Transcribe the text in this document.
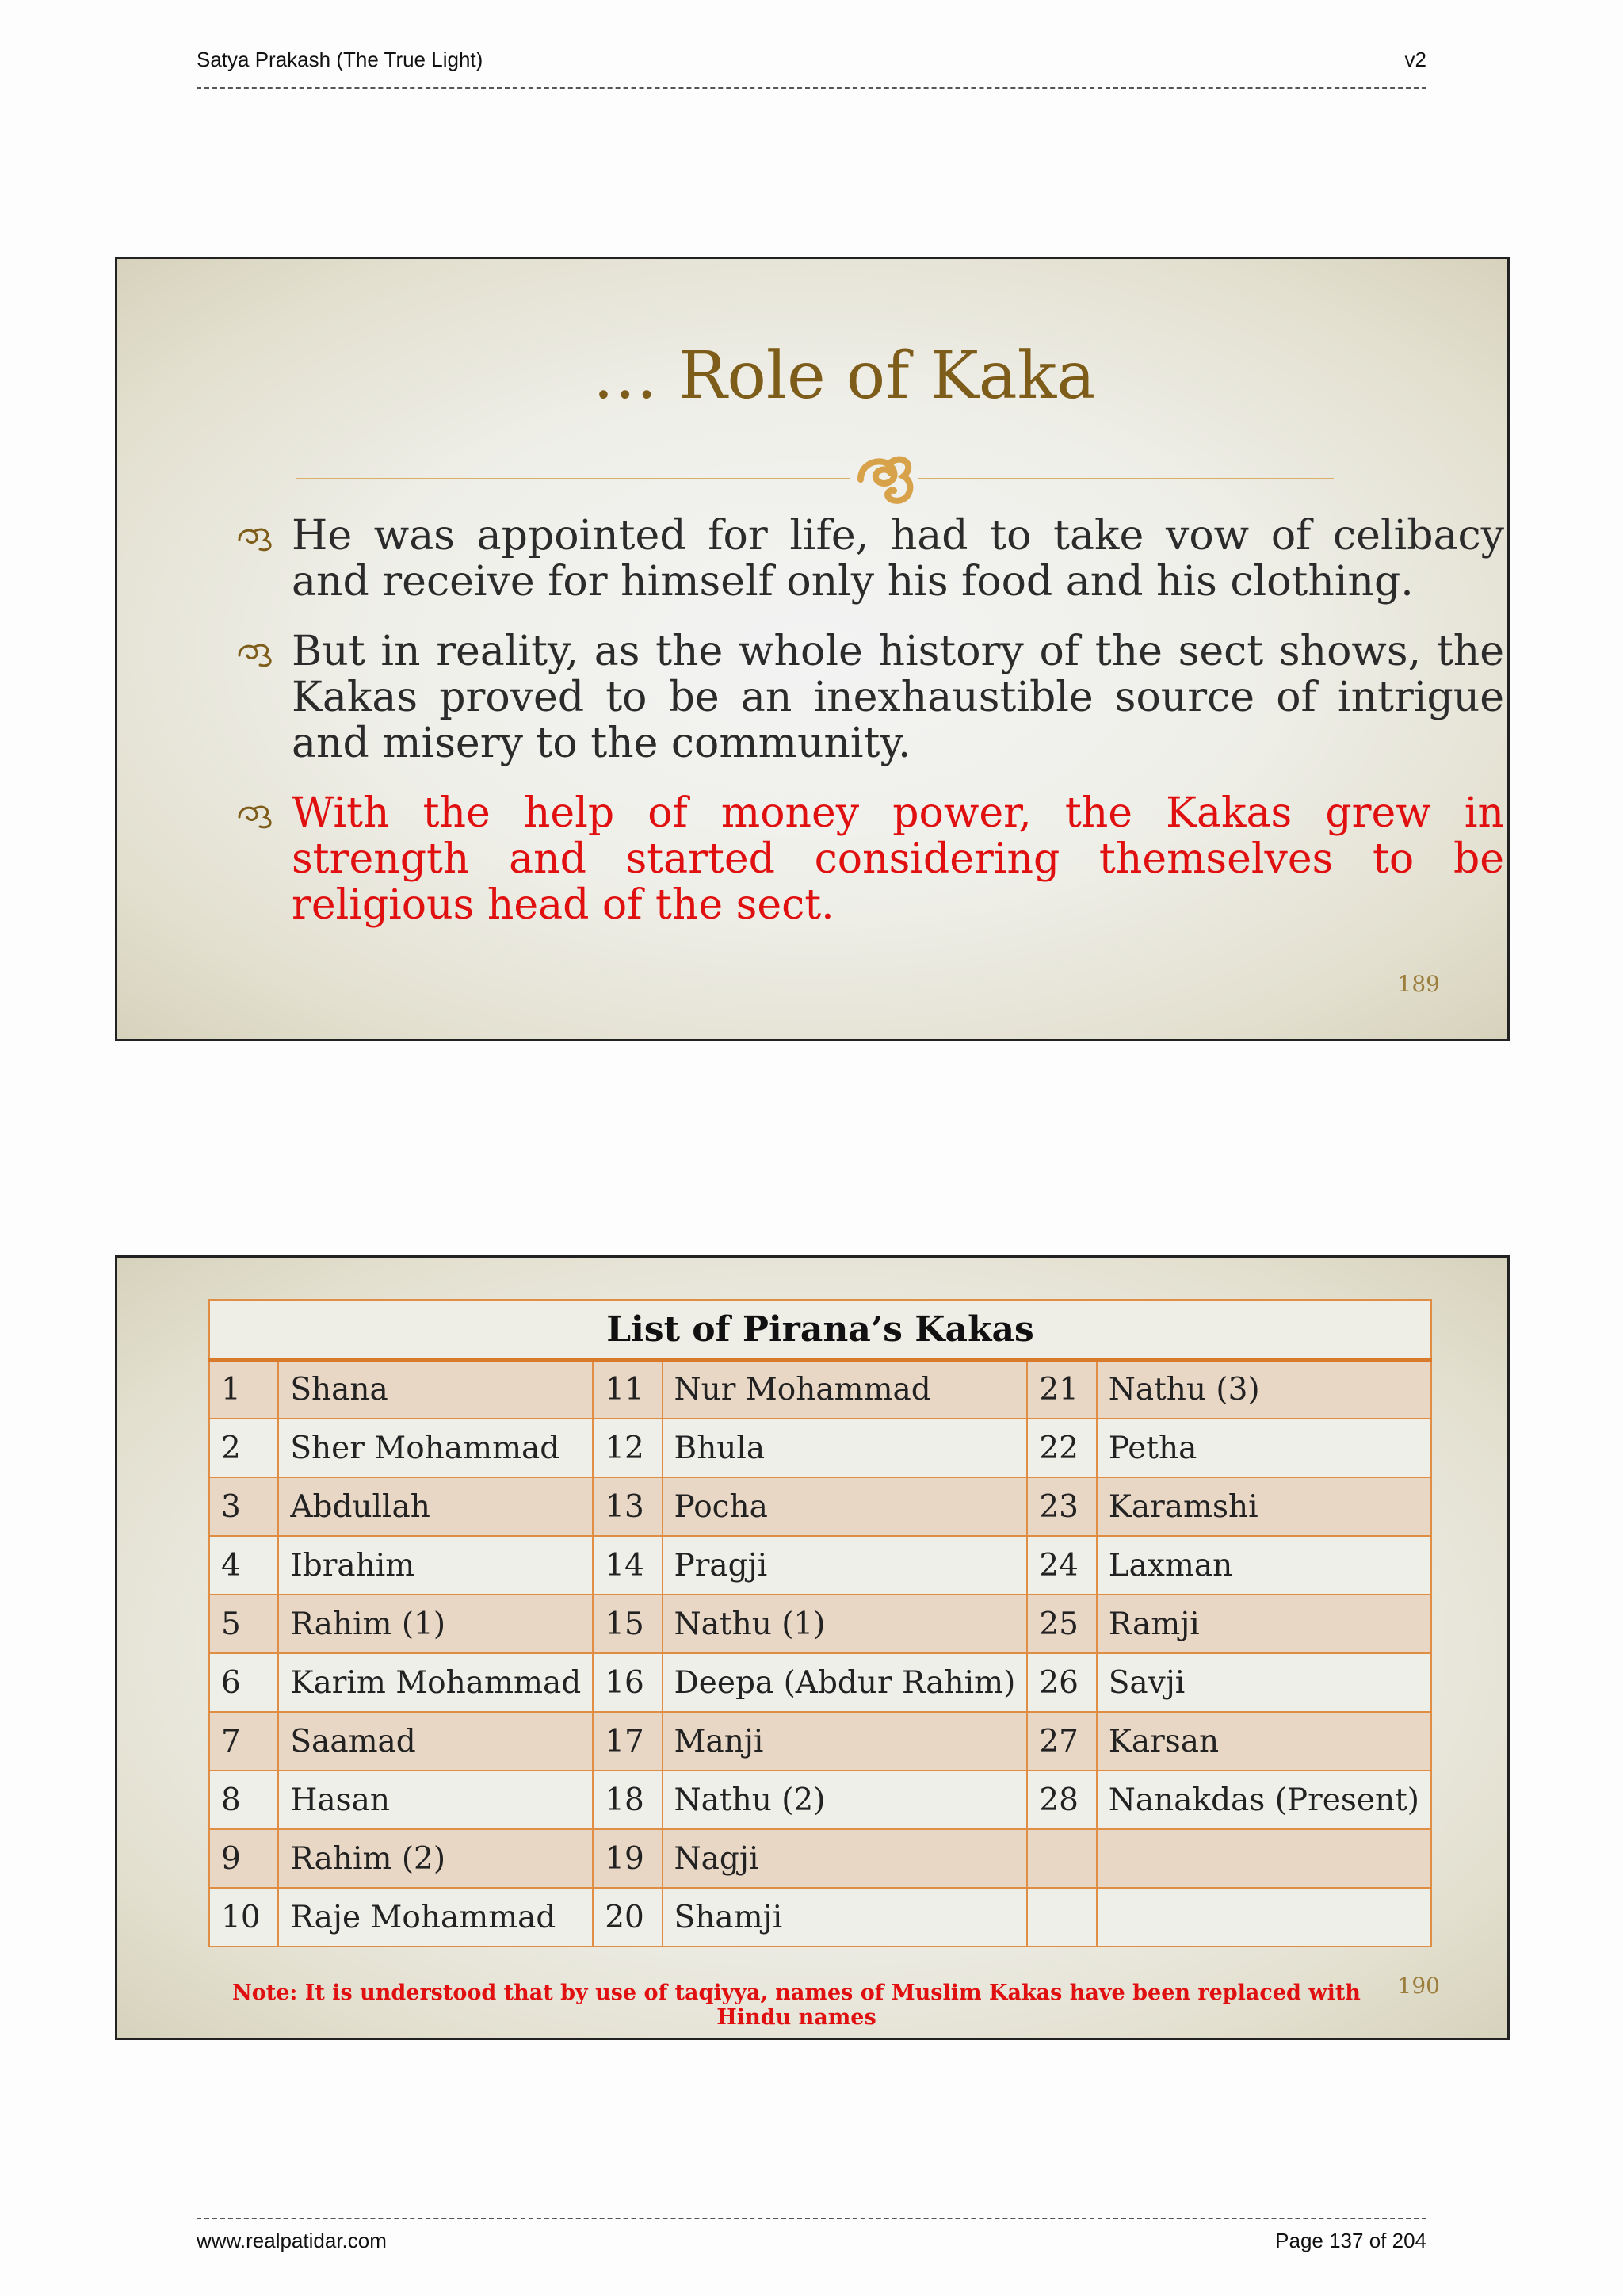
Satya Prakash (The True Light)	v2
… Role of Kaka
He was appointed for life, had to take vow of celibacy and receive for himself only his food and his clothing.
But in reality, as the whole history of the sect shows, the Kakas proved to be an inexhaustible source of intrigue and misery to the community.
With the help of money power, the Kakas grew in strength and started considering themselves to be religious head of the sect.
189
List of Pirana’s Kakas					
1	Shana	11	Nur Mohammad	21	Nathu (3)
2	Sher Mohammad	12	Bhula	22	Petha
3	Abdullah	13	Pocha	23	Karamshi
4	Ibrahim	14	Pragji	24	Laxman
5	Rahim (1)	15	Nathu (1)	25	Ramji
6	Karim Mohammad	16	Deepa (Abdur Rahim)	26	Savji
7	Saamad	17	Manji	27	Karsan
8	Hasan	18	Nathu (2)	28	Nanakdas (Present)
9	Rahim (2)	19	Nagji		
10	Raje Mohammad	20	Shamji		
Note: It is understood that by use of taqiyya, names of Muslim Kakas have been replaced with Hindu names
190
www.realpatidar.com	Page 137 of 204
